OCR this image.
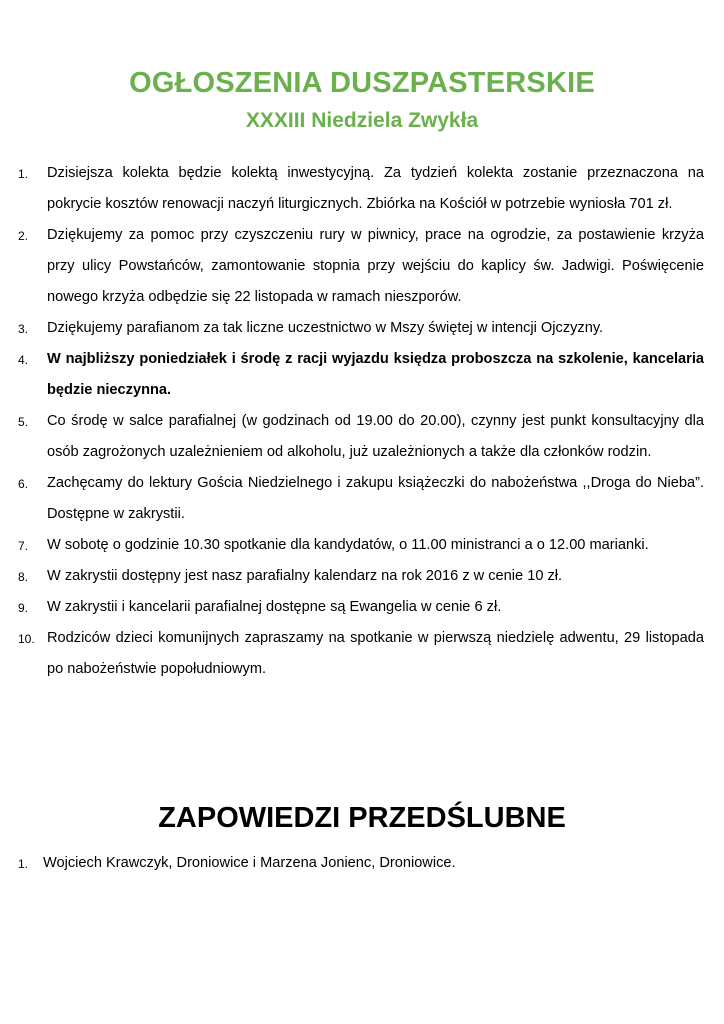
OGŁOSZENIA DUSZPASTERSKIE
XXXIII Niedziela Zwykła
1. Dzisiejsza kolekta będzie kolektą inwestycyjną. Za tydzień kolekta zostanie przeznaczona na pokrycie kosztów renowacji naczyń liturgicznych. Zbiórka na Kościół w potrzebie wyniosła 701 zł.
2. Dziękujemy za pomoc przy czyszczeniu rury w piwnicy, prace na ogrodzie, za postawienie krzyża przy ulicy Powstańców, zamontowanie stopnia przy wejściu do kaplicy św. Jadwigi. Poświęcenie nowego krzyża odbędzie się 22 listopada w ramach nieszporów.
3. Dziękujemy parafianom za tak liczne uczestnictwo w Mszy świętej w intencji Ojczyzny.
4. W najbliższy poniedziałek i środę z racji wyjazdu księdza proboszcza na szkolenie, kancelaria będzie nieczynna.
5. Co środę w salce parafialnej (w godzinach od 19.00 do 20.00), czynny jest punkt konsultacyjny dla osób zagrożonych uzależnieniem od alkoholu, już uzależnionych a także dla członków rodzin.
6. Zachęcamy do lektury Gościa Niedzielnego i zakupu książeczki do nabożeństwa ,,Droga do Nieba”. Dostępne w zakrystii.
7. W sobotę o godzinie 10.30 spotkanie dla kandydatów, o 11.00 ministranci a o 12.00 marianki.
8. W zakrystii dostępny jest nasz parafialny kalendarz na rok 2016 z w cenie 10 zł.
9. W zakrystii i kancelarii parafialnej dostępne są Ewangelia w cenie 6 zł.
10. Rodziców dzieci komunijnych zapraszamy na spotkanie w pierwszą niedzielę adwentu, 29 listopada po nabożeństwie popołudniowym.
ZAPOWIEDZI PRZEDŚLUBNE
1. Wojciech Krawczyk, Droniowice i Marzena Jonienc, Droniowice.
